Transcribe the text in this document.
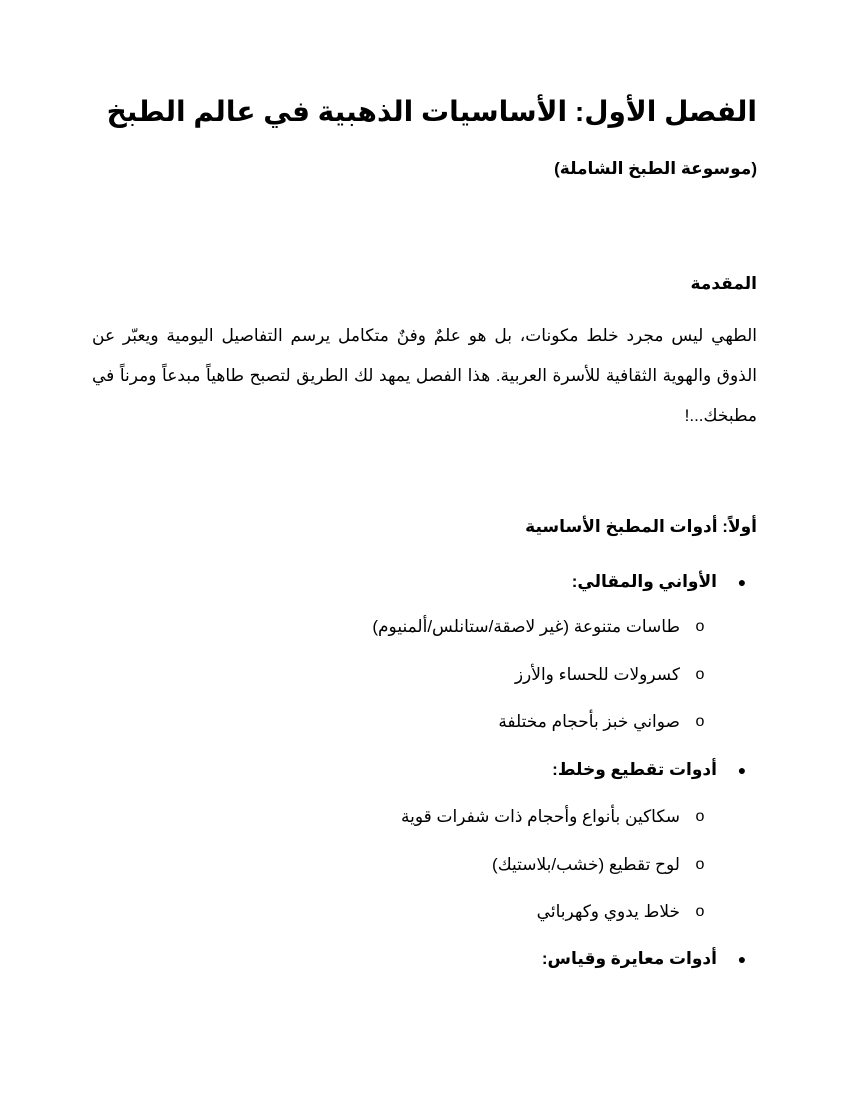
الفصل الأول: الأساسيات الذهبية في عالم الطبخ

(موسوعة الطبخ الشاملة)

المقدمة

الطهي ليس مجرد خلط مكونات، بل هو علمٌ وفنٌ متكامل يرسم التفاصيل اليومية ويعبّر عن الذوق والهوية الثقافية للأسرة العربية. هذا الفصل يمهد لك الطريق لتصبح طاهياً مبدعاً ومرناً في مطبخك...!

أولاً: أدوات المطبخ الأساسية
●
الأواني والمقالي:
o
طاسات متنوعة (غير لاصقة/ستانلس/ألمنيوم)
o
كسرولات للحساء والأرز
o
صواني خبز بأحجام مختلفة
●
أدوات تقطيع وخلط:
o
سكاكين بأنواع وأحجام ذات شفرات قوية
o
لوح تقطيع (خشب/بلاستيك)
o
خلاط يدوي وكهربائي
●
أدوات معايرة وقياس:
